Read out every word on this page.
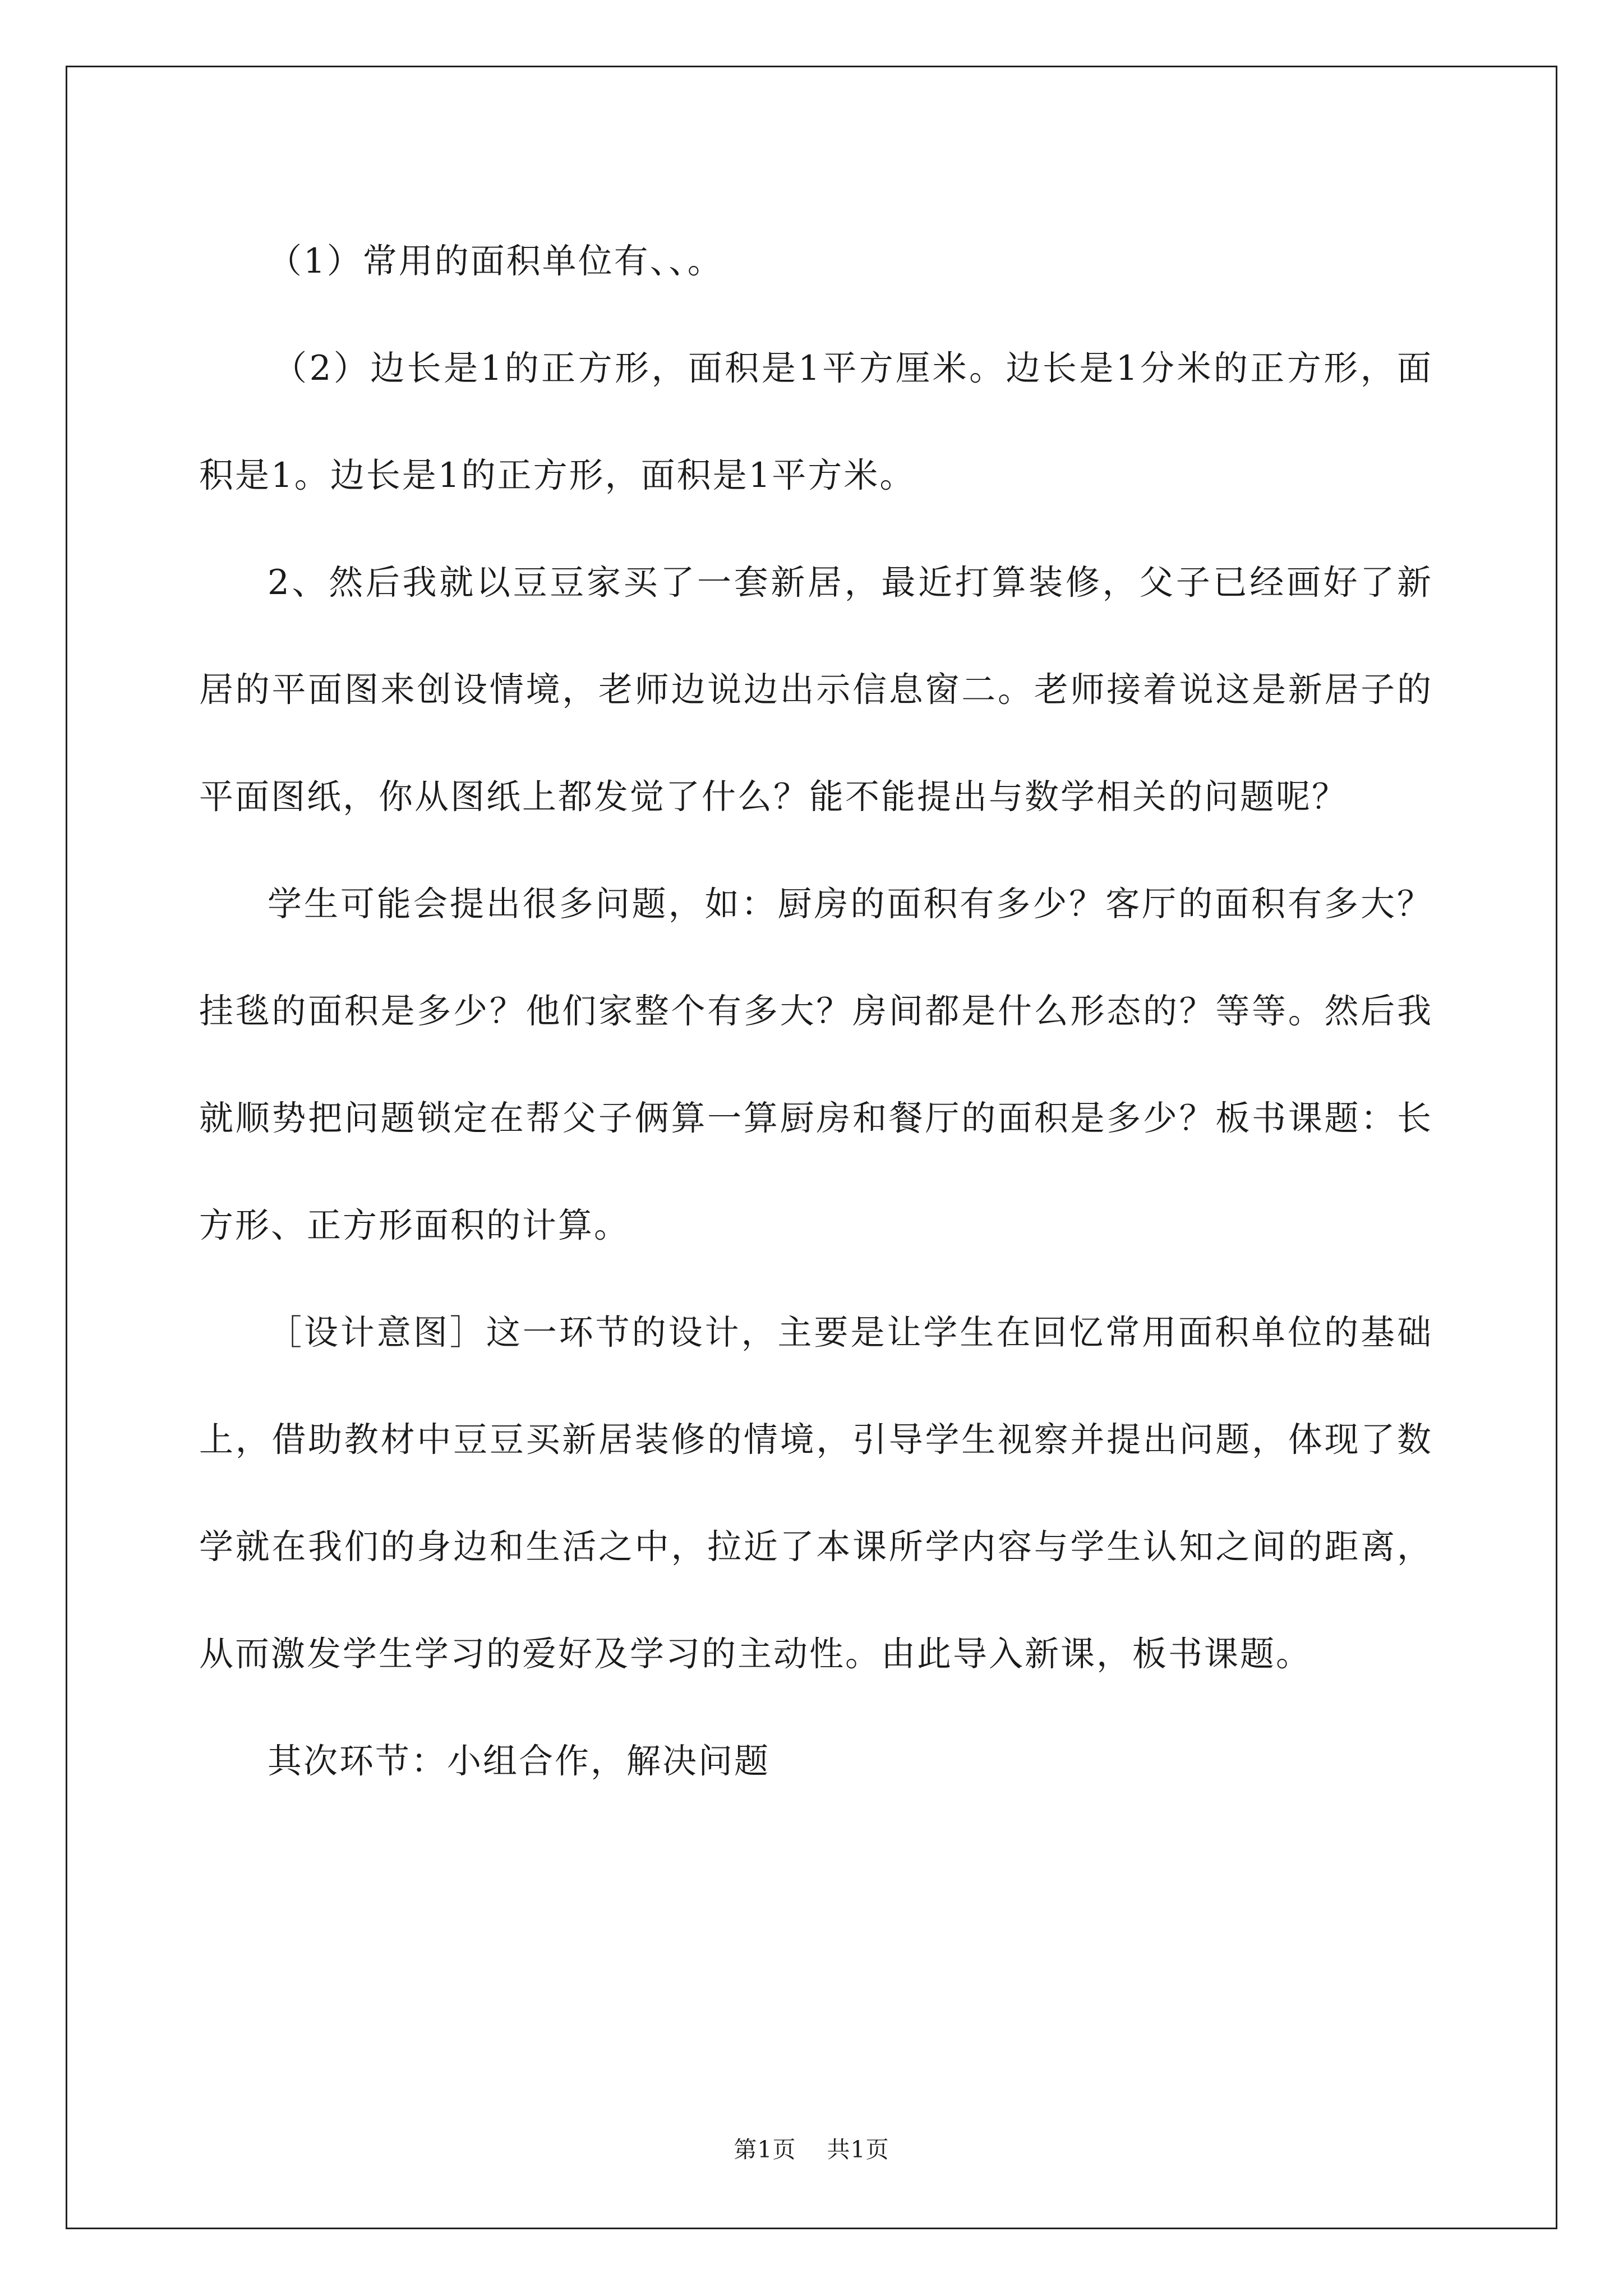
（1）常用的面积单位有、、。

（2）边长是1的正方形，面积是1平方厘米。边长是1分米的正方形，面积是1。边长是1的正方形，面积是1平方米。

2、然后我就以豆豆家买了一套新居，最近打算装修，父子已经画好了新居的平面图来创设情境，老师边说边出示信息窗二。老师接着说这是新居子的平面图纸，你从图纸上都发觉了什么？能不能提出与数学相关的问题呢？

学生可能会提出很多问题，如：厨房的面积有多少？客厅的面积有多大？挂毯的面积是多少？他们家整个有多大？房间都是什么形态的？等等。然后我就顺势把问题锁定在帮父子俩算一算厨房和餐厅的面积是多少？板书课题：长方形、正方形面积的计算。

［设计意图］这一环节的设计，主要是让学生在回忆常用面积单位的基础上，借助教材中豆豆买新居装修的情境，引导学生视察并提出问题，体现了数学就在我们的身边和生活之中，拉近了本课所学内容与学生认知之间的距离，从而激发学生学习的爱好及学习的主动性。由此导入新课，板书课题。

其次环节：小组合作，解决问题

第1页 共1页
